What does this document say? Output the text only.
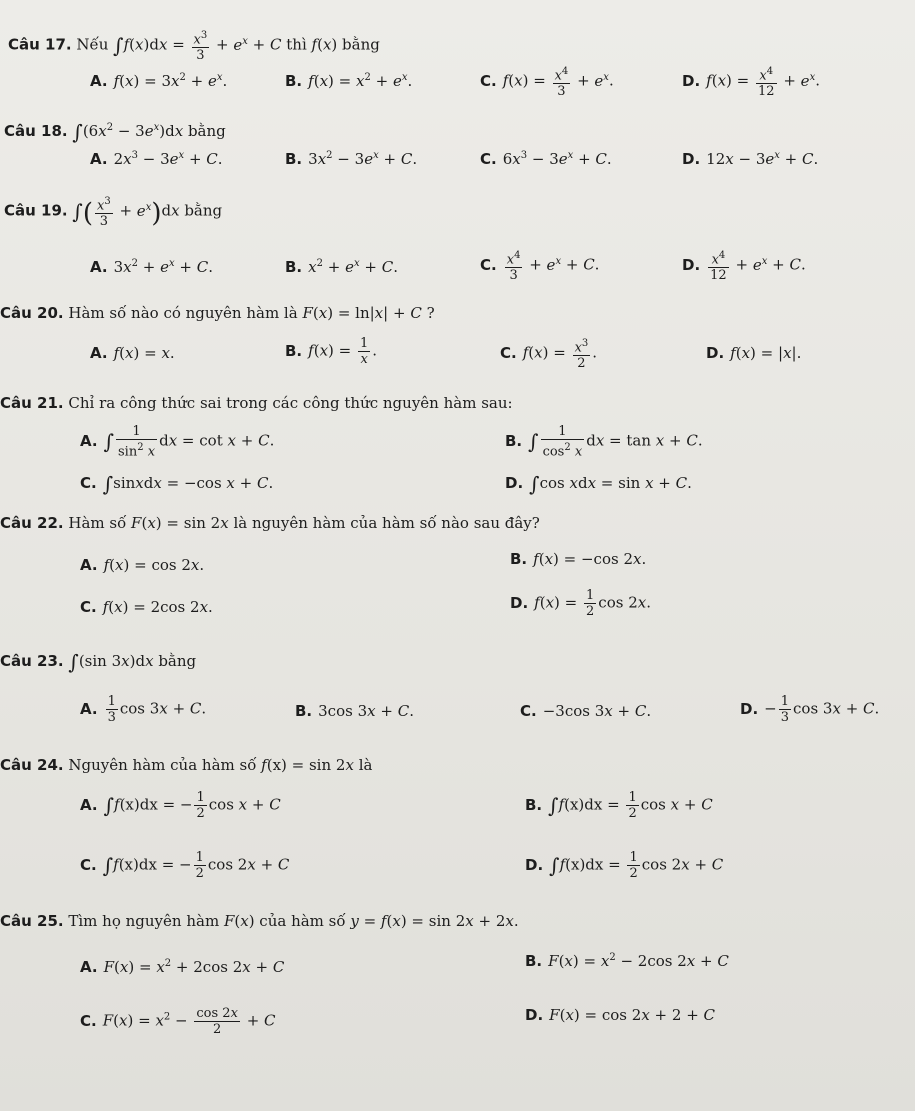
Câu 17. Nếu $\int f(x)dx = \frac{x^3}{3} + e^x + C$ thì f(x) bằng
A. $f(x) = 3x^2 + e^x$.	B. $f(x) = x^2 + e^x$.	C. $f(x) = \frac{x^4}{3} + e^x$.	D. $f(x) = \frac{x^4}{12} + e^x$.
Câu 18. $\int(6x^2 - 3e^x)dx$ bằng
A. $2x^3 - 3e^x + C$.	B. $3x^2 - 3e^x + C$.	C. $6x^3 - 3e^x + C$.	D. $12x - 3e^x + C$.
Câu 19. ∫( $\frac{x^3}{3} + e^x)dx$ bằng
A. $3x^2 + e^x + C$.	B. $x^2 + e^x + C$.	C. $\frac{x^4}{3} + e^x + C$.	D. $\frac{x^4}{12} + e^x + C$.
Câu 20. Hàm số nào có nguyên hàm là F(x) = ln|x| + C ?
A. f(x) = x.	B. $f(x) = \frac{1}{x}$ .	C. $f(x) = \frac{x^3}{2}$ .	D. f(x) = |x|.
Câu 21. Chỉ ra công thức sai trong các công thức nguyên hàm sau:
A. ∫ $\frac{1}{\sin^2 x}$ dx = cot x + C.	B. ∫ $\frac{1}{\cos^2 x}$ dx = tan x + C.
C. ∫sinxdx = −cos x + C.	D. ∫cos xdx = sin x + C.
Câu 22. Hàm số F(x) = sin 2x là nguyên hàm của hàm số nào sau đây?
A. f(x) = cos 2x.	B. f(x) = −cos 2x.
C. f(x) = 2cos 2x.	D. $f(x) = \frac{1}{2}$ cos 2x.
Câu 23. ∫(sin 3x)dx bằng
A. $\frac{1}{3}$ cos 3x + C.	B. 3cos 3x + C.	C. −3cos 3x + C.	D. − $\frac{1}{3}$ cos 3x + C.
Câu 24. Nguyên hàm của hàm số f(x) = sin 2x là
A. ∫f(x)dx = − $\frac{1}{2}$ cos x + C	B. $\int f(x)dx = \frac{1}{2}$ cos x + C
C. ∫f(x)dx = − $\frac{1}{2}$ cos 2x + C	D. $\int f(x)dx = \frac{1}{2}$ cos 2x + C
Câu 25. Tìm họ nguyên hàm F(x) của hàm số y = f(x) = sin 2x + 2x.
A. $F(x) = x^2 + 2\cos$ 2x + C	B. $F(x) = x^2 - 2\cos$ 2x + C
C. $F(x) = x^2 - \frac{\cos 2x}{2} + C$	D. F(x) = cos 2x + 2 + C
